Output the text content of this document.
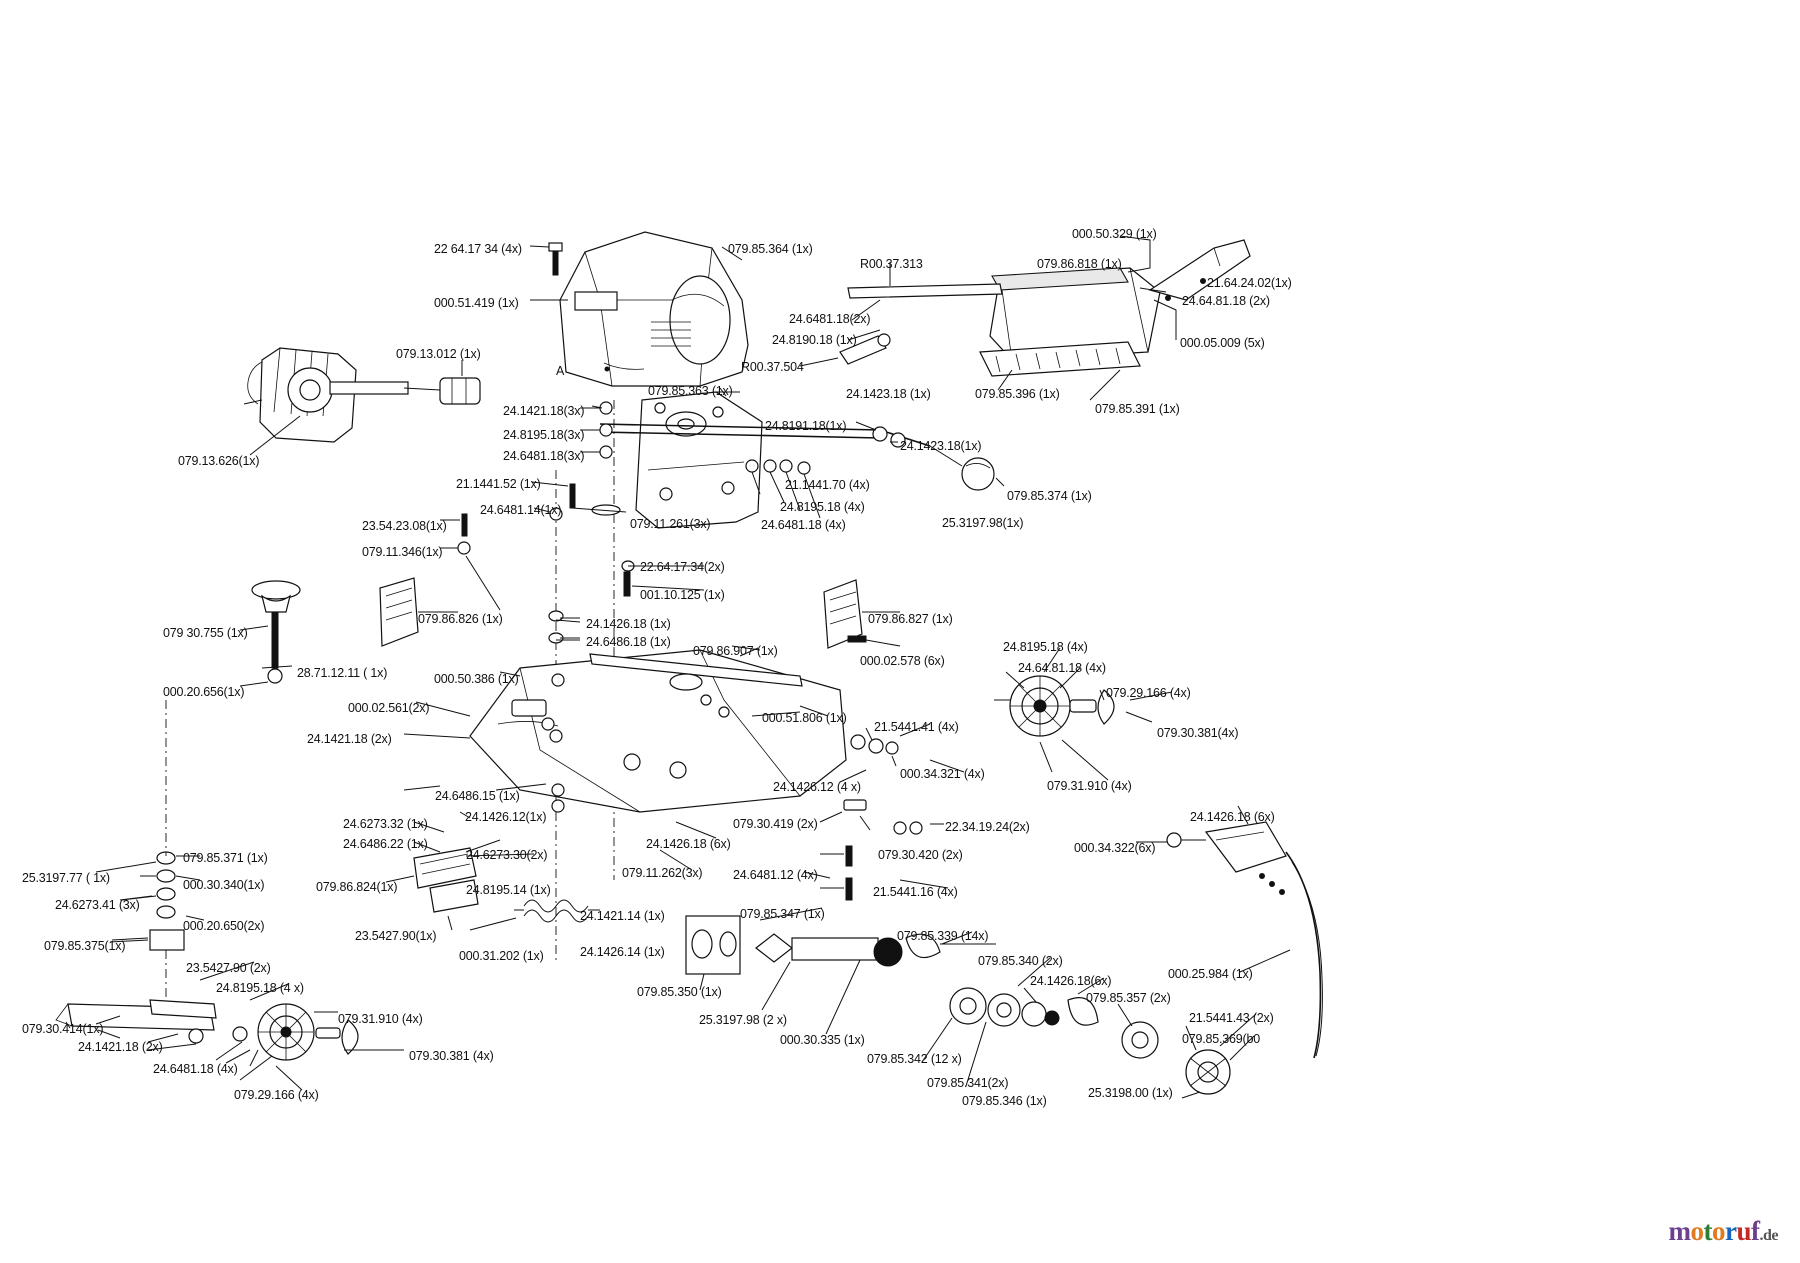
22 64.17 34 (4x)	079.85.364 (1x)
000.51.419 (1x)
000.50.329 (1x)
R00.37.313	079.86.818 (1x)
21.64.24.02(1x)
24.64.81.18 (2x)
24.6481.18(2x)
24.8190.18 (1x)	000.05.009 (5x)
R00.37.504
079.13.012 (1x)
24.1423.18 (1x)	079.85.396 (1x)
079.85.391 (1x)
079.85.363 (1x)
24.1421.18(3x)
24.8195.18(3x)
24.6481.18(3x)
24.8191.18(1x)
24.1423.18(1x)
079.13.626(1x)
21.1441.70 (4x)
079.85.374 (1x)
21.1441.52 (1x)
24.8195.18 (4x)
25.3197.98(1x)
24.6481.14(1x)
24.6481.18 (4x)
23.54.23.08(1x)	079.11.261(3x)
079.11.346(1x)
22.64.17.34(2x)
001.10.125 (1x)
079.86.826 (1x)	079.86.827 (1x)
24.1426.18 (1x)
24.6486.18 (1x)
079 30.755 (1x)
000.02.578 (6x)
24.8195.18 (4x)
24.64.81.18 (4x)
079.86.907 (1x)
28.71.12.11 ( 1x)
000.20.656(1x)
000.50.386 (1x)
079.29.166 (4x)
000.02.561(2x)
000.51.806 (1x)
21.5441.41 (4x)	079.30.381(4x)
24.1421.18 (2x)
000.34.321 (4x)
079.31.910 (4x)
24.1426.12 (4 x)
24.1426.18 (6x)
24.6486.15 (1x)
24.1426.12(1x)	079.30.419 (2x)	22.34.19.24(2x)
24.6273.32 (1x)
24.6486.22 (1x)
24.6273.30(2x)	079.30.420 (2x)	000.34.322(6x)
079.85.371 (1x)
25.3197.77 ( 1x)	000.30.340(1x)
24.1426.18 (6x)
079.11.262(3x) 24.6481.12 (4x)
079.86.824(1x)
24.6273.41 (3x)
24.8195.14 (1x)	21.5441.16 (4x)
000.20.650(2x)
24.1421.14 (1x)
079.85.375(1x)
23.5427.90(1x)
000.31.202 (1x)	24.1426.14 (1x)
079.85.347 (1x)
079.85.339 (14x)
23.5427.90 (2x)
24.8195.18 (4 x)
079.85.340 (2x)
24.1426.18(6x)	000.25.984 (1x)
079.85.350 (1x)
079.31.910 (4x)
079.85.357 (2x)
079.30.414(1x)
25.3197.98 (2 x)	21.5441.43 (2x)
079.85.369(b0
24.1421.18 (2x)
079.30.381 (4x)
000.30.335 (1x)
079.85.342 (12 x)
24.6481.18 (4x)
079.29.166 (4x)
079.85.341(2x)
25.3198.00 (1x)
079.85.346 (1x)
A
motoruf.de
